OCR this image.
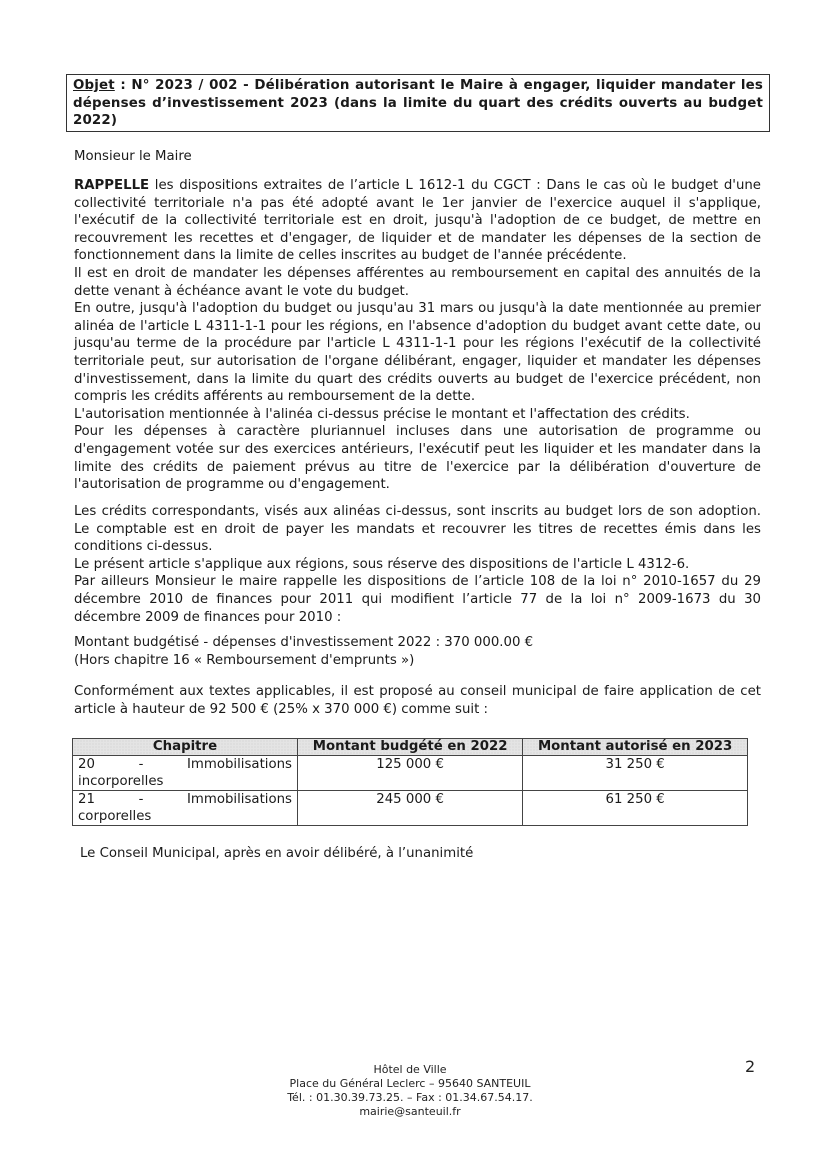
Objet : N° 2023 / 002 - Délibération autorisant le Maire à engager, liquider mandater les dépenses d’investissement 2023 (dans la limite du quart des crédits ouverts au budget 2022)
Monsieur le Maire

RAPPELLE les dispositions extraites de l’article L 1612-1 du CGCT : Dans le cas où le budget d'une collectivité territoriale n'a pas été adopté avant le 1er janvier de l'exercice auquel il s'applique, l'exécutif de la collectivité territoriale est en droit, jusqu'à l'adoption de ce budget, de mettre en recouvrement les recettes et d'engager, de liquider et de mandater les dépenses de la section de fonctionnement dans la limite de celles inscrites au budget de l'année précédente.

Il est en droit de mandater les dépenses afférentes au remboursement en capital des annuités de la dette venant à échéance avant le vote du budget.

En outre, jusqu'à l'adoption du budget ou jusqu'au 31 mars ou jusqu'à la date mentionnée au premier alinéa de l'article L 4311-1-1 pour les régions, en l'absence d'adoption du budget avant cette date, ou jusqu'au terme de la procédure par l'article L 4311-1-1 pour les régions l'exécutif de la collectivité territoriale peut, sur autorisation de l'organe délibérant, engager, liquider et mandater les dépenses d'investissement, dans la limite du quart des crédits ouverts au budget de l'exercice précédent, non compris les crédits afférents au remboursement de la dette.

L'autorisation mentionnée à l'alinéa ci-dessus précise le montant et l'affectation des crédits.

Pour les dépenses à caractère pluriannuel incluses dans une autorisation de programme ou d'engagement votée sur des exercices antérieurs, l'exécutif peut les liquider et les mandater dans la limite des crédits de paiement prévus au titre de l'exercice par la délibération d'ouverture de l'autorisation de programme ou d'engagement.

Les crédits correspondants, visés aux alinéas ci-dessus, sont inscrits au budget lors de son adoption. Le comptable est en droit de payer les mandats et recouvrer les titres de recettes émis dans les conditions ci-dessus.

Le présent article s'applique aux régions, sous réserve des dispositions de l'article L 4312-6.

Par ailleurs Monsieur le maire rappelle les dispositions de l’article 108 de la loi n° 2010-1657 du 29 décembre 2010 de finances pour 2011 qui modifient l’article 77 de la loi n° 2009-1673 du 30 décembre 2009 de finances pour 2010 :

Montant budgétisé - dépenses d'investissement 2022 : 370 000.00 €
(Hors chapitre 16 « Remboursement d'emprunts »)
Conformément aux textes applicables, il est proposé au conseil municipal de faire application de cet article à hauteur de 92 500 € (25% x 370 000 €) comme suit :
Chapitre	Montant budgété en 2022	Montant autorisé en 2023

20 - Immobilisations
incorporelles	125 000 €	31 250 €

21 - Immobilisations
corporelles	245 000 €	61 250 €
Le Conseil Municipal, après en avoir délibéré, à l’unanimité
Hôtel de Ville
Place du Général Leclerc – 95640 SANTEUIL
Tél. : 01.30.39.73.25. – Fax : 01.34.67.54.17.
mairie@santeuil.fr
2
